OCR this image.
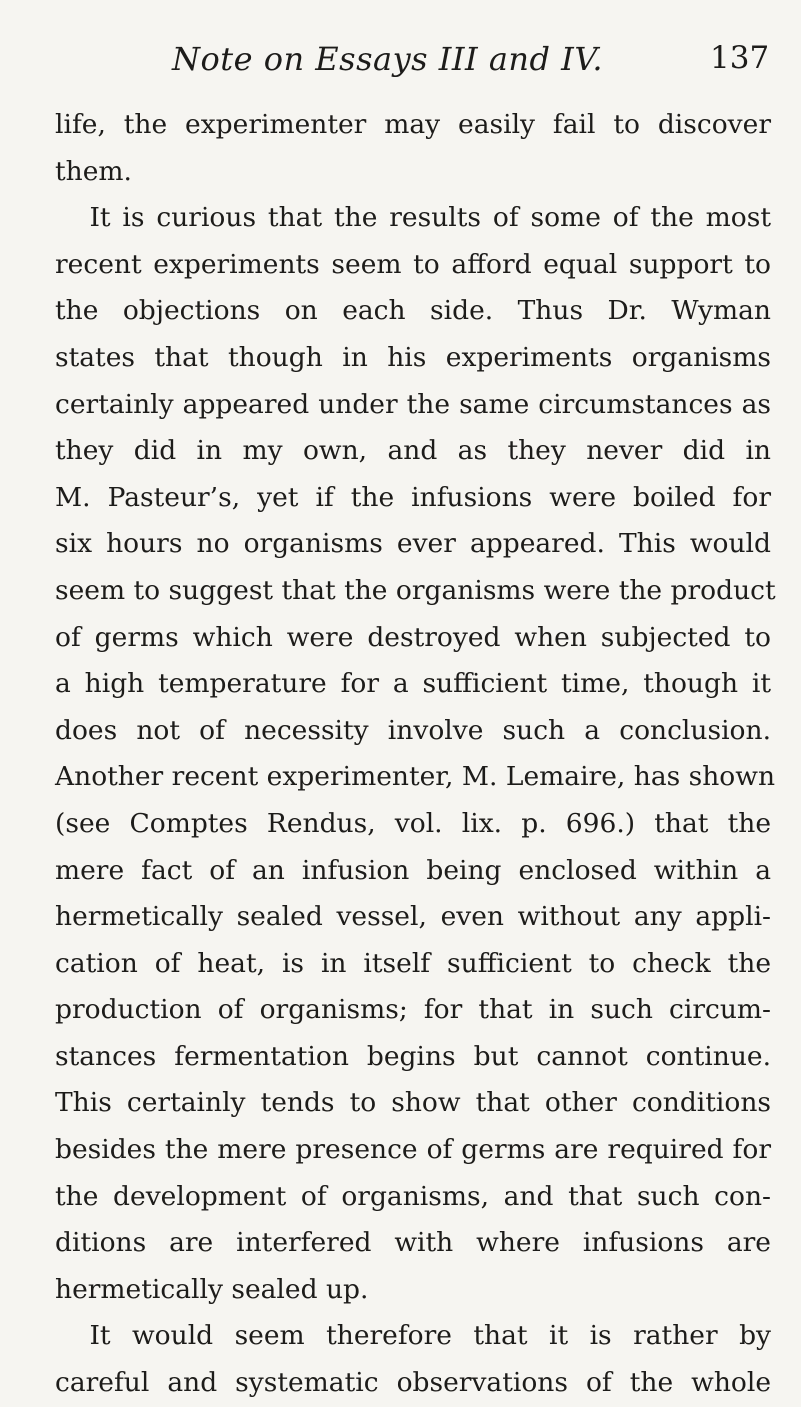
Note on Essays III and IV.	137
life, the experimenter may easily fail to discover
them.
It is curious that the results of some of the most
recent experiments seem to afford equal support to
the objections on each side. Thus Dr. Wyman
states that though in his experiments organisms
certainly appeared under the same circumstances as
they did in my own, and as they never did in
M. Pasteur’s, yet if the infusions were boiled for
six hours no organisms ever appeared. This would
seem to suggest that the organisms were the product
of germs which were destroyed when subjected to
a high temperature for a sufficient time, though it
does not of necessity involve such a conclusion.
Another recent experimenter, M. Lemaire, has shown
(see Comptes Rendus, vol. lix. p. 696.) that the
mere fact of an infusion being enclosed within a
hermetically sealed vessel, even without any appli-
cation of heat, is in itself sufficient to check the
production of organisms; for that in such circum-
stances fermentation begins but cannot continue.
This certainly tends to show that other conditions
besides the mere presence of germs are required for
the development of organisms, and that such con-
ditions are interfered with where infusions are
hermetically sealed up.
It would seem therefore that it is rather by
careful and systematic observations of the whole
